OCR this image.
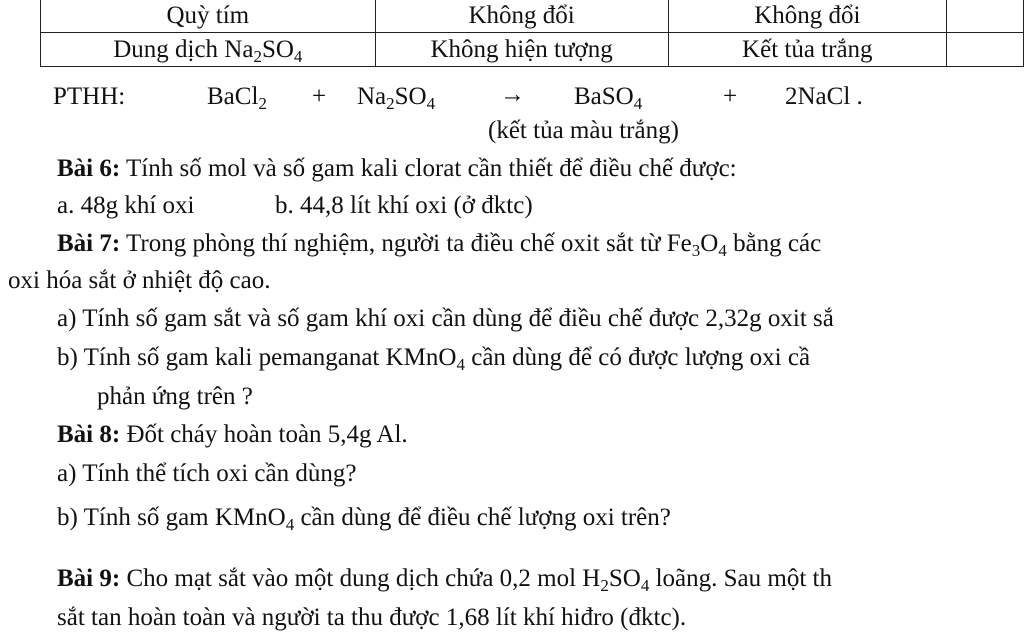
Quỳ tím	Không đổi	Không đổi	
Dung dịch $Na_2SO_4$	Không hiện tượng	Kết tủa trắng	
PTHH:	BaCl$_2$ + $Na_2SO_4$	→ BaSO$_4$	+ 2NaCl .
(kết tủa màu trắng)
Bài 6: Tính số mol và số gam kali clorat cần thiết để điều chế được:
a. 48g khí oxi	b. 44,8 lít khí oxi (ở đktc)
Bài 7: Trong phòng thí nghiệm, người ta điều chế oxit sắt từ $Fe_3O_4$ bằng các
oxi hóa sắt ở nhiệt độ cao.
a) Tính số gam sắt và số gam khí oxi cần dùng để điều chế được 2,32g oxit sắ
b) Tính số gam kali pemanganat KMnO$_4$ cần dùng để có được lượng oxi cầ
phản ứng trên ?
Bài 8: Đốt cháy hoàn toàn 5,4g Al.
a) Tính thể tích oxi cần dùng?
b) Tính số gam KMnO$_4$ cần dùng để điều chế lượng oxi trên?
Bài 9: Cho mạt sắt vào một dung dịch chứa 0,2 mol $H_2SO_4$ loãng. Sau một th
sắt tan hoàn toàn và người ta thu được 1,68 lít khí hiđro (đktc).
